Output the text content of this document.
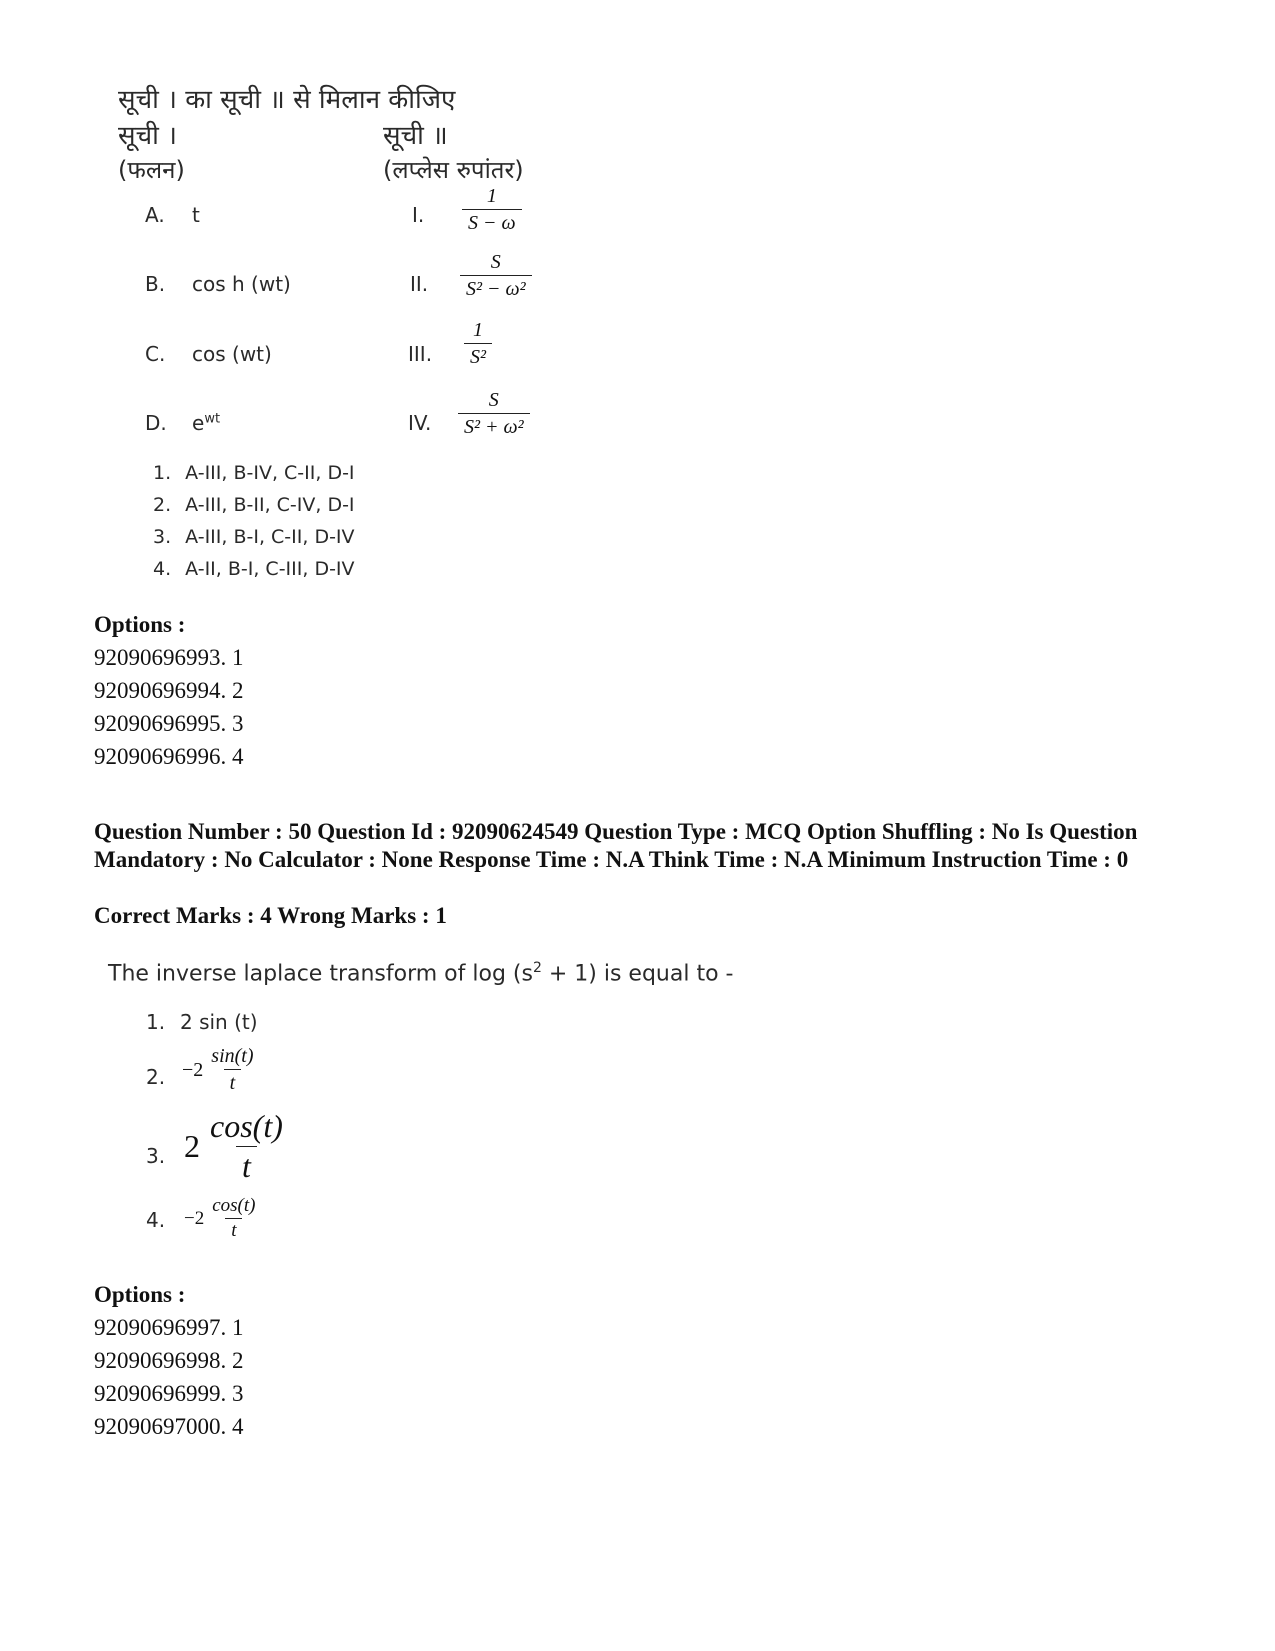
सूची । का सूची ॥ से मिलान कीजिए
सूची ।	सूची ॥
(फलन)	(लप्लेस रुपांतर)
A. t	I. $\frac{1}{S - \omega}$
B. cos h (wt)	II. $\frac{S}{\text{S² − ω²}}$
C. cos (wt)	III. $\frac{1}{\text{S²}}$
D. $e^{wt}$	IV. $\frac{S}{\text{S² + ω²}}$
1. A-III, B-IV, C-II, D-I
2. A-III, B-II, C-IV, D-I
3. A-III, B-I, C-II, D-IV
4. A-II, B-I, C-III, D-IV
Options :
92090696993. 1
92090696994. 2
92090696995. 3
92090696996. 4
Question Number : 50 Question Id : 92090624549 Question Type : MCQ Option Shuffling : No Is Question Mandatory : No Calculator : None Response Time : N.A Think Time : N.A Minimum Instruction Time : 0
Correct Marks : 4 Wrong Marks : 1
The inverse laplace transform of $\log (s^2 + 1)$ is equal to -
1. 2 sin (t)
2. $-2 \frac{\sin(t)}{t}$
3. $2 \frac{\cos(t)}{t}$
4. $-2 \frac{\cos(t)}{t}$
Options :
92090696997. 1
92090696998. 2
92090696999. 3
92090697000. 4
